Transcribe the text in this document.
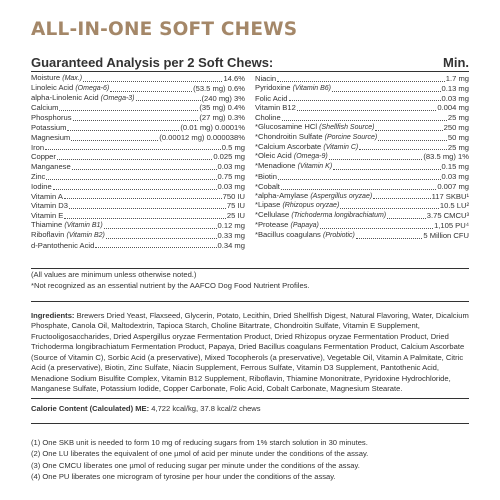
ALL-IN-ONE SOFT CHEWS
Guaranteed Analysis per 2 Soft Chews:	Min.
Moisture (Max.)	14.6%
Linoleic Acid (Omega-6)	(53.5 mg) 0.6%
alpha-Linolenic Acid (Omega-3)	(240 mg) 3%
Calcium	(35 mg) 0.4%
Phosphorus	(27 mg) 0.3%
Potassium	(0.01 mg) 0.0001%
Magnesium	(0.00012 mg) 0.000038%
Iron	0.5 mg
Copper	0.025 mg
Manganese	0.03 mg
Zinc	0.75 mg
Iodine	0.03 mg
Vitamin A	750 IU
Vitamin D3	75 IU
Vitamin E	25 IU
Thiamine (Vitamin B1)	0.12 mg
Riboflavin (Vitamin B2)	0.33 mg
d-Pantothenic Acid	0.34 mg
Niacin	1.7 mg
Pyridoxine (Vitamin B6)	0.13 mg
Folic Acid	0.03 mg
Vitamin B12	0.004 mg
Choline	25 mg
*Glucosamine HCl (Shellfish Source)	250 mg
*Chondroitin Sulfate (Porcine Source)	50 mg
*Calcium Ascorbate (Vitamin C)	25 mg
*Oleic Acid (Omega-9)	(83.5 mg) 1%
*Menadione (Vitamin K)	0.15 mg
*Biotin	0.03 mg
*Cobalt	0.007 mg
*alpha-Amylase (Aspergillus oryzae)	117 SKBU¹
*Lipase (Rhizopus oryzae)	10.5 LU²
*Cellulase (Trichoderma longibrachiatum)	3.75 CMCU³
*Protease (Papaya)	1,105 PU⁴
*Bacillus coagulans (Probiotic)	5 Million CFU
(All values are minimum unless otherwise noted.)
*Not recognized as an essential nutrient by the AAFCO Dog Food Nutrient Profiles.
Ingredients: Brewers Dried Yeast, Flaxseed, Glycerin, Potato, Lecithin, Dried Shellfish Digest, Natural Flavoring, Water, Dicalcium Phosphate, Canola Oil, Maltodextrin, Tapioca Starch, Choline Bitartrate, Chondroitin Sulfate, Vitamin E Supplement, Fructooligosaccharides, Dried Aspergillus oryzae Fermentation Product, Dried Rhizopus oryzae Fermentation Product, Dried Trichoderma longibrachiatum Fermentation Product, Papaya, Dried Bacillus coagulans Fermentation Product, Calcium Ascorbate (Source of Vitamin C), Sorbic Acid (a preservative), Mixed Tocopherols (a preservative), Vegetable Oil, Vitamin A Palmitate, Citric Acid (a preservative), Biotin, Zinc Sulfate, Niacin Supplement, Ferrous Sulfate, Vitamin D3 Supplement, Pantothenic Acid, Menadione Sodium Bisulfite Complex, Vitamin B12 Supplement, Riboflavin, Thiamine Mononitrate, Pyridoxine Hydrochloride, Manganese Sulfate, Potassium Iodide, Copper Carbonate, Folic Acid, Cobalt Carbonate, Magnesium Stearate.
Calorie Content (Calculated) ME: 4,722 kcal/kg, 37.8 kcal/2 chews
(1) One SKB unit is needed to form 10 mg of reducing sugars from 1% starch solution in 30 minutes.
(2) One LU liberates the equivalent of one µmol of acid per minute under the conditions of the assay.
(3) One CMCU liberates one µmol of reducing sugar per minute under the conditions of the assay.
(4) One PU liberates one microgram of tyrosine per hour under the conditions of the assay.
